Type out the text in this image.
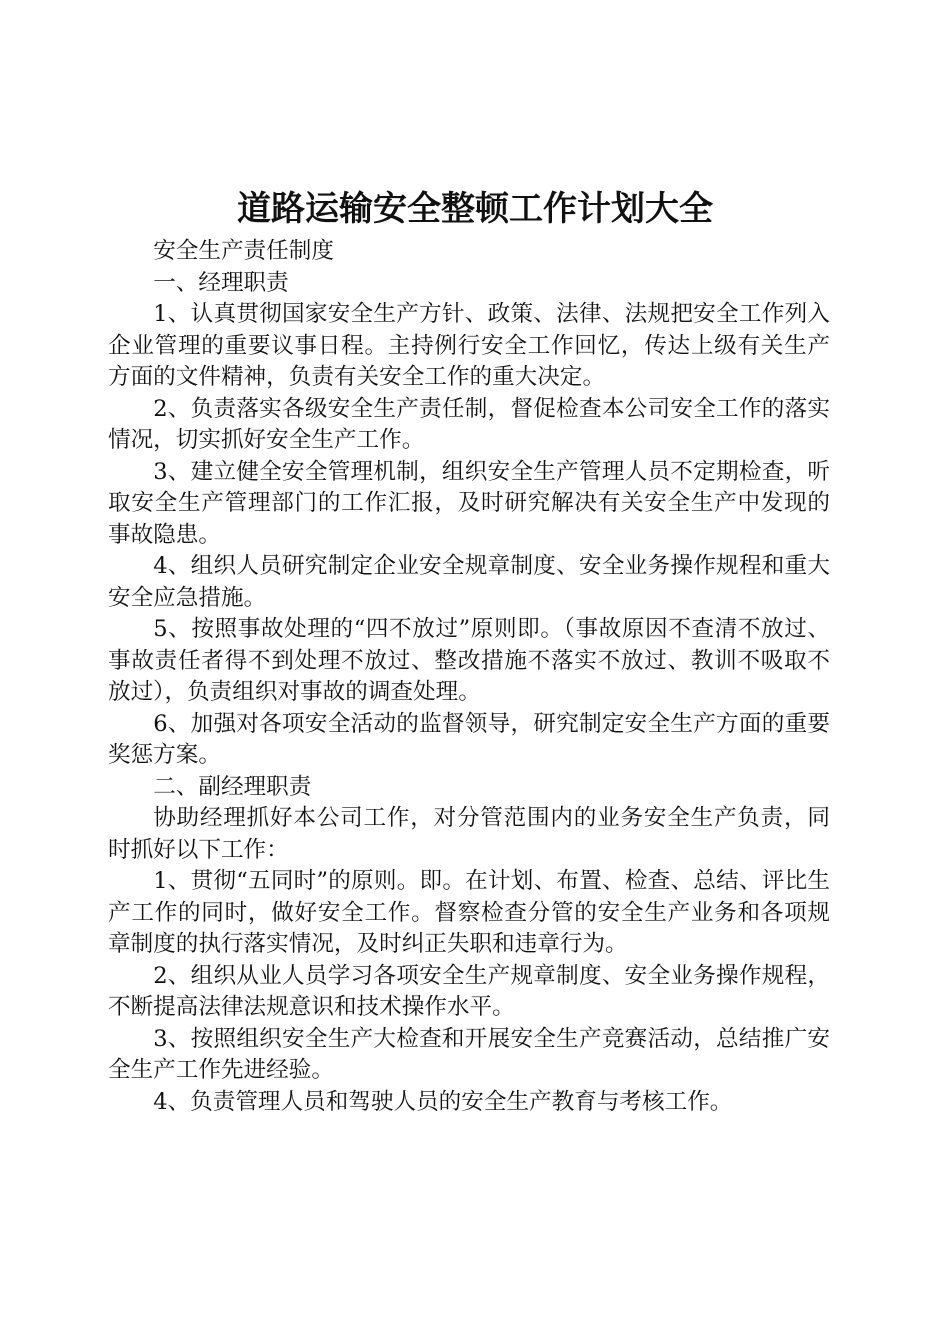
道路运输安全整顿工作计划大全

安全生产责任制度

一、经理职责

1、认真贯彻国家安全生产方针、政策、法律、法规把安全工作列入企业管理的重要议事日程。主持例行安全工作回忆，传达上级有关生产方面的文件精神，负责有关安全工作的重大决定。

2、负责落实各级安全生产责任制，督促检查本公司安全工作的落实情况，切实抓好安全生产工作。

3、建立健全安全管理机制，组织安全生产管理人员不定期检查，听取安全生产管理部门的工作汇报，及时研究解决有关安全生产中发现的事故隐患。

4、组织人员研究制定企业安全规章制度、安全业务操作规程和重大安全应急措施。

5、按照事故处理的“四不放过”原则即。（事故原因不查清不放过、事故责任者得不到处理不放过、整改措施不落实不放过、教训不吸取不放过），负责组织对事故的调查处理。

6、加强对各项安全活动的监督领导，研究制定安全生产方面的重要奖惩方案。

二、副经理职责

协助经理抓好本公司工作，对分管范围内的业务安全生产负责，同时抓好以下工作：

1、贯彻“五同时”的原则。即。在计划、布置、检查、总结、评比生产工作的同时，做好安全工作。督察检查分管的安全生产业务和各项规章制度的执行落实情况，及时纠正失职和违章行为。

2、组织从业人员学习各项安全生产规章制度、安全业务操作规程，不断提高法律法规意识和技术操作水平。

3、按照组织安全生产大检查和开展安全生产竞赛活动，总结推广安全生产工作先进经验。

4、负责管理人员和驾驶人员的安全生产教育与考核工作。
